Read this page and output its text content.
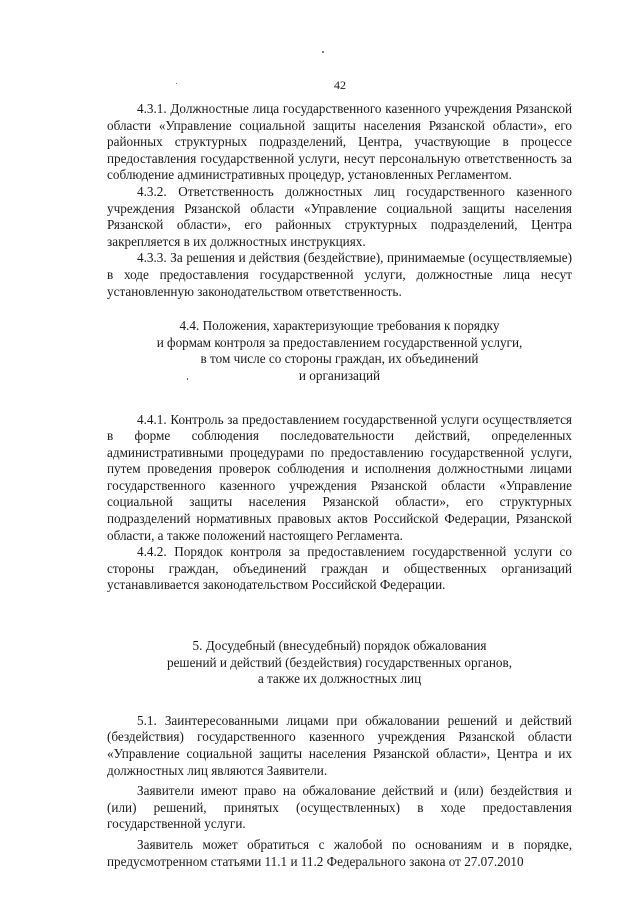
42

4.3.1. Должностные лица государственного казенного учреждения Рязанской области «Управление социальной защиты населения Рязанской области», его районных структурных подразделений, Центра, участвующие в процессе предоставления государственной услуги, несут персональную ответственность за соблюдение административных процедур, установленных Регламентом.

4.3.2. Ответственность должностных лиц государственного казенного учреждения Рязанской области «Управление социальной защиты населения Рязанской области», его районных структурных подразделений, Центра закрепляется в их должностных инструкциях.

4.3.3. За решения и действия (бездействие), принимаемые (осуществляемые) в ходе предоставления государственной услуги, должностные лица несут установленную законодательством ответственность.

4.4. Положения, характеризующие требования к порядку

и формам контроля за предоставлением государственной услуги,

в том числе со стороны граждан, их объединений

и организаций

4.4.1. Контроль за предоставлением государственной услуги осуществляется в форме соблюдения последовательности действий, определенных административными процедурами по предоставлению государственной услуги, путем проведения проверок соблюдения и исполнения должностными лицами государственного казенного учреждения Рязанской области «Управление социальной защиты населения Рязанской области», его структурных подразделений нормативных правовых актов Российской Федерации, Рязанской области, а также положений настоящего Регламента.

4.4.2. Порядок контроля за предоставлением государственной услуги со стороны граждан, объединений граждан и общественных организаций устанавливается законодательством Российской Федерации.

5. Досудебный (внесудебный) порядок обжалования

решений и действий (бездействия) государственных органов,

а также их должностных лиц

5.1. Заинтересованными лицами при обжаловании решений и действий (бездействия) государственного казенного учреждения Рязанской области «Управление социальной защиты населения Рязанской области», Центра и их должностных лиц являются Заявители.

Заявители имеют право на обжалование действий и (или) бездействия и (или) решений, принятых (осуществленных) в ходе предоставления государственной услуги.

Заявитель может обратиться с жалобой по основаниям и в порядке, предусмотренном статьями 11.1 и 11.2 Федерального закона от 27.07.2010
